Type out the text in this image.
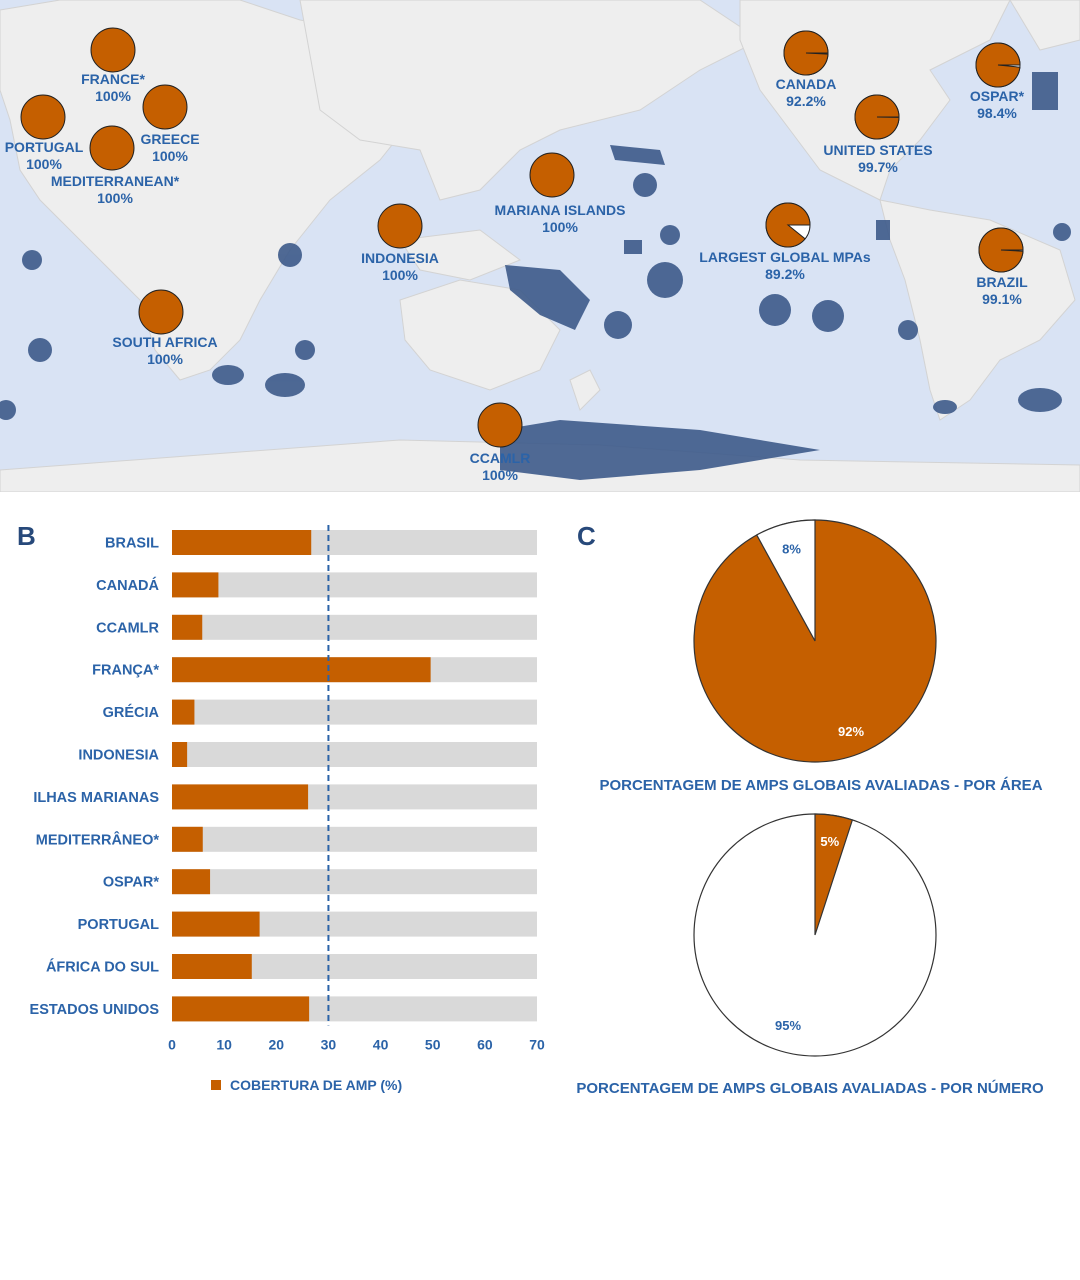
FRANCE*
100%
GREECE
100%
PORTUGAL
100%
MEDITERRANEAN*
100%
SOUTH AFRICA
100%
INDONESIA
100%
MARIANA ISLANDS
100%
CCAMLR
100%
CANADA
92.2%
UNITED STATES
99.7%
OSPAR*
98.4%
LARGEST GLOBAL MPAs
89.2%	BRAZIL
99.1%
B	BRASIL
CANADÁ
CCAMLR
FRANÇA*
GRÉCIA
INDONESIA
ILHAS MARIANAS
MEDITERRÂNEO*
OSPAR*
PORTUGAL
ÁFRICA DO SUL
ESTADOS UNIDOS
0	10	20	30	40	50	60	70
COBERTURA DE AMP (%)
C	8%
92%
PORCENTAGEM DE AMPS GLOBAIS AVALIADAS - POR ÁREA
5%
95%
PORCENTAGEM DE AMPS GLOBAIS AVALIADAS - POR NÚMERO
